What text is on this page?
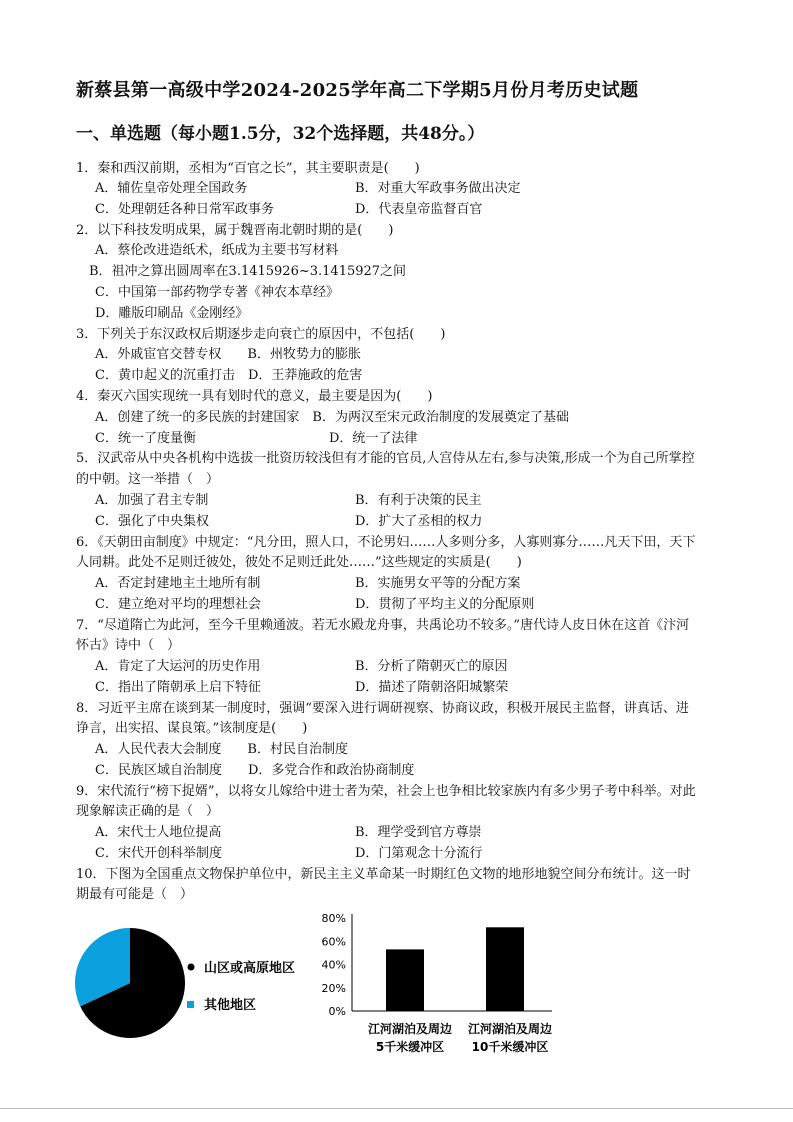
新蔡县第一高级中学2024-2025学年高二下学期5月份月考历史试题
一、单选题（每小题1.5分，32个选择题，共48分。）
1．秦和西汉前期，丞相为“百官之长”，其主要职责是(　　)
A．辅佐皇帝处理全国政务	B．对重大军政事务做出决定
C．处理朝廷各种日常军政事务	D．代表皇帝监督百官
2．以下科技发明成果，属于魏晋南北朝时期的是(　　)
A．蔡伦改进造纸术，纸成为主要书写材料
B．祖冲之算出圆周率在3.1415926~3.1415927之间
C．中国第一部药物学专著《神农本草经》
D．雕版印刷品《金刚经》
3．下列关于东汉政权后期逐步走向衰亡的原因中，不包括(　　)
A．外戚宦官交替专权　　B．州牧势力的膨胀
C．黄巾起义的沉重打击　D．王莽施政的危害
4．秦灭六国实现统一具有划时代的意义，最主要是因为(　　)
A．创建了统一的多民族的封建国家　B．为两汉至宋元政治制度的发展奠定了基础
C．统一了度量衡	D．统一了法律
5．汉武帝从中央各机构中选拔一批资历较浅但有才能的官员,人宫侍从左右,参与决策,形成一个为自己所掌控
的中朝。这一举措（　）
A．加强了君主专制	B．有利于决策的民主
C．强化了中央集权	D．扩大了丞相的权力
6．《天朝田亩制度》中规定：“凡分田，照人口，不论男妇……人多则分多，人寡则寡分……凡天下田，天下
人同耕。此处不足则迁彼处，彼处不足则迁此处……”这些规定的实质是(　　)
A．否定封建地主土地所有制	B．实施男女平等的分配方案
C．建立绝对平均的理想社会	D．贯彻了平均主义的分配原则
7．“尽道隋亡为此河，至今千里赖通波。若无水殿龙舟事，共禹论功不较多。”唐代诗人皮日休在这首《汴河
怀古》诗中（　）
A．肯定了大运河的历史作用	B．分析了隋朝灭亡的原因
C．指出了隋朝承上启下特征	D．描述了隋朝洛阳城繁荣
8．习近平主席在谈到某一制度时，强调“要深入进行调研视察、协商议政，积极开展民主监督，讲真话、进
诤言，出实招、谋良策。”该制度是(　　)
A．人民代表大会制度　　B．村民自治制度
C．民族区域自治制度　　D．多党合作和政治协商制度
9．宋代流行“榜下捉婿”，以将女儿嫁给中进士者为荣，社会上也争相比较家族内有多少男子考中科举。对此
现象解读正确的是（　）
A．宋代士人地位提高	B．理学受到官方尊崇
C．宋代开创科举制度	D．门第观念十分流行
10．下图为全国重点文物保护单位中，新民主主义革命某一时期红色文物的地形地貌空间分布统计。这一时
期最有可能是（　）
山区或高原地区
其他地区	0%
20%
40%
60%
80%
江河湖泊及周边
5千米缓冲区
江河湖泊及周边
10千米缓冲区
